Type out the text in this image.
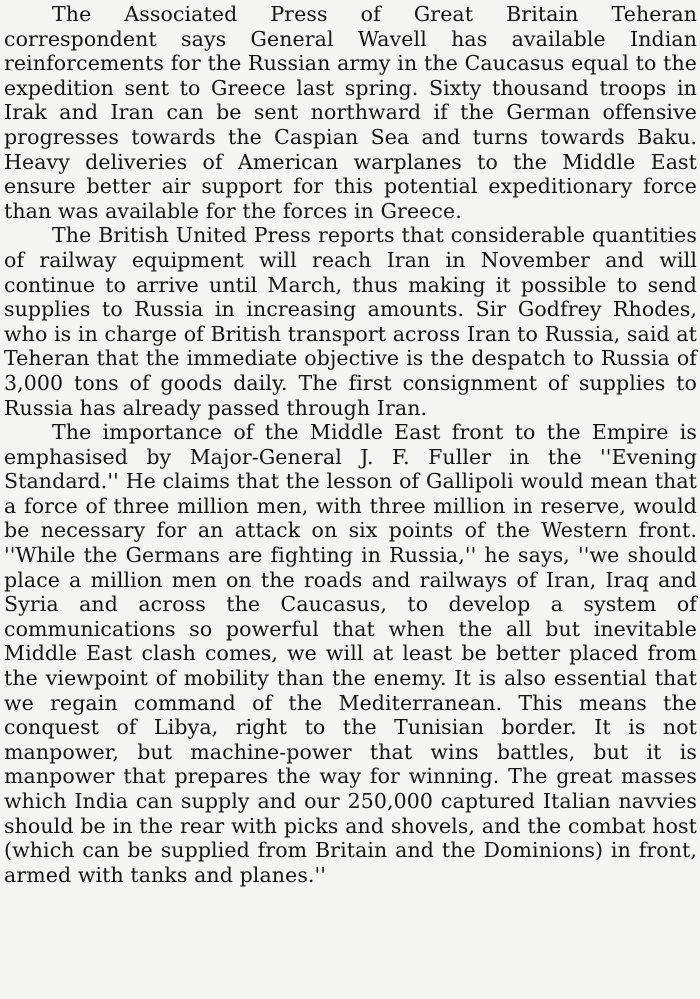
The Associated Press of Great Britain Teheran correspondent says General Wavell has available Indian reinforcements for the Russian army in the Caucasus equal to the expedition sent to Greece last spring. Sixty thousand troops in Irak and Iran can be sent northward if the German offensive progresses towards the Caspian Sea and turns towards Baku. Heavy deliveries of American warplanes to the Middle East ensure better air support for this potential expeditionary force than was available for the forces in Greece.

The British United Press reports that considerable quantities of railway equipment will reach Iran in November and will continue to arrive until March, thus making it possible to send supplies to Russia in increasing amounts. Sir Godfrey Rhodes, who is in charge of British transport across Iran to Russia, said at Teheran that the immediate objective is the despatch to Russia of 3,000 tons of goods daily. The first consignment of supplies to Russia has already passed through Iran.

The importance of the Middle East front to the Empire is emphasised by Major-General J. F. Fuller in the ''Evening Standard.'' He claims that the lesson of Gallipoli would mean that a force of three million men, with three million in reserve, would be necessary for an attack on six points of the Western front. ''While the Germans are fighting in Russia,'' he says, ''we should place a million men on the roads and railways of Iran, Iraq and Syria and across the Caucasus, to develop a system of communications so powerful that when the all but inevitable Middle East clash comes, we will at least be better placed from the viewpoint of mobility than the enemy. It is also essential that we regain command of the Mediterranean. This means the conquest of Libya, right to the Tunisian border. It is not manpower, but machine-power that wins battles, but it is manpower that prepares the way for winning. The great masses which India can supply and our 250,000 captured Italian navvies should be in the rear with picks and shovels, and the combat host (which can be supplied from Britain and the Dominions) in front, armed with tanks and planes.''
